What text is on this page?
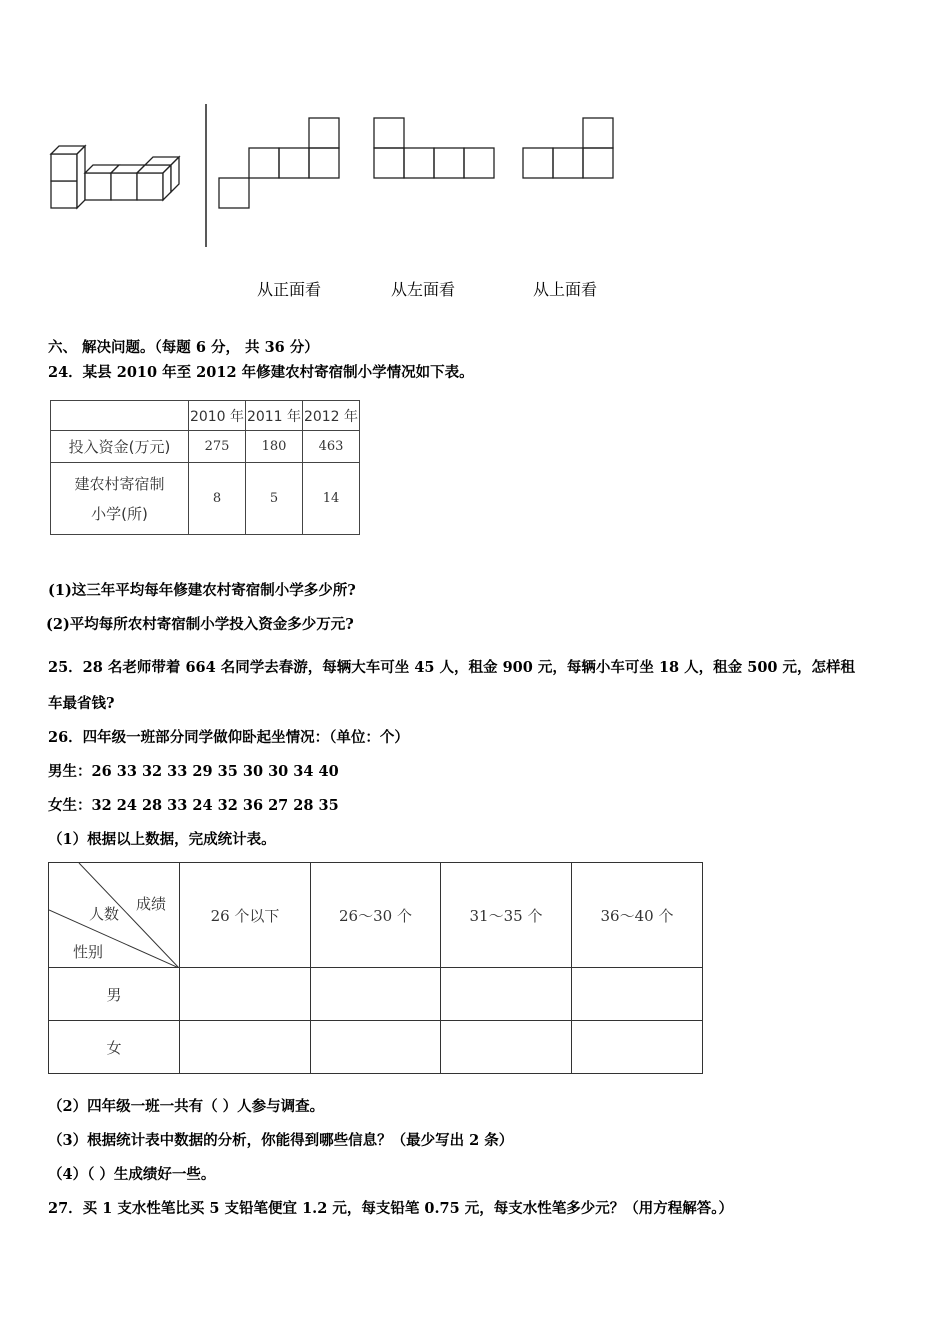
从正面看	从左面看	从上面看
六、 解决问题。（每题 6 分， 共 36 分）
24．某县 2010 年至 2012 年修建农村寄宿制小学情况如下表。
	2010 年	2011 年	2012 年
投入资金(万元)	275	180	463

建农村寄宿制
小学(所)	8	5	14
(1)这三年平均每年修建农村寄宿制小学多少所?
(2)平均每所农村寄宿制小学投入资金多少万元?
25．28 名老师带着 664 名同学去春游，每辆大车可坐 45 人，租金 900 元，每辆小车可坐 18 人，租金 500 元，怎样租
车最省钱?
26．四年级一班部分同学做仰卧起坐情况：（单位：个）
男生：26 33 32 33 29 35 30 30 34 40
女生：32 24 28 33 24 32 36 27 28 35
（1）根据以上数据，完成统计表。
成绩
人数
性别	26 个以下	26～30 个	31～35 个	36～40 个
男				
女				
（2）四年级一班一共有（ ）人参与调查。
（3）根据统计表中数据的分析，你能得到哪些信息？（最少写出 2 条）
（4）（ ）生成绩好一些。
27．买 1 支水性笔比买 5 支铅笔便宜 1.2 元，每支铅笔 0.75 元，每支水性笔多少元？（用方程解答。）
